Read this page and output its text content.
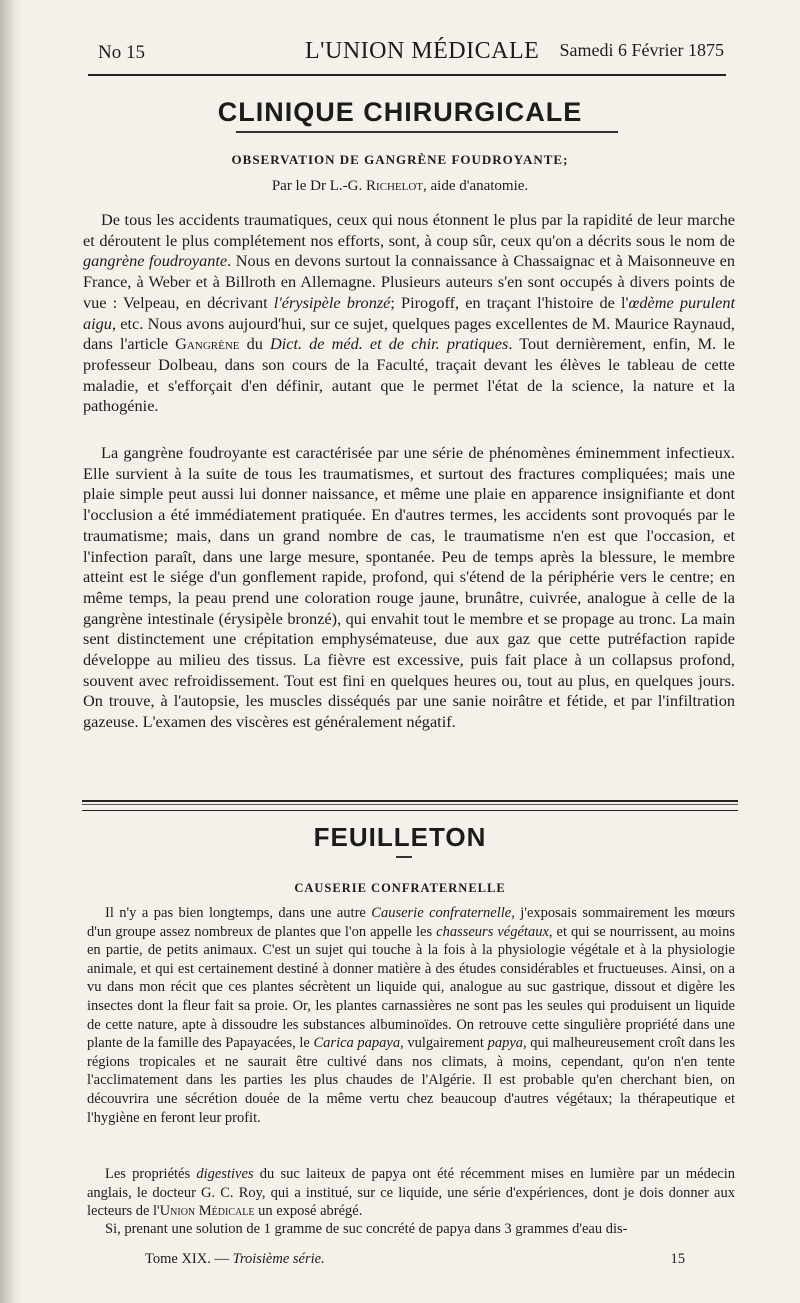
No 15	L'UNION MÉDICALE Samedi 6 Février 1875
CLINIQUE CHIRURGICALE
OBSERVATION DE GANGRÈNE FOUDROYANTE;
Par le Dr L.-G. Richelot, aide d'anatomie.

De tous les accidents traumatiques, ceux qui nous étonnent le plus par la rapidité de leur marche et déroutent le plus complétement nos efforts, sont, à coup sûr, ceux qu'on a décrits sous le nom de gangrène foudroyante. Nous en devons surtout la connaissance à Chassaignac et à Maisonneuve en France, à Weber et à Billroth en Allemagne. Plusieurs auteurs s'en sont occupés à divers points de vue : Velpeau, en décrivant l'érysipèle bronzé; Pirogoff, en traçant l'histoire de l'œdème purulent aigu, etc. Nous avons aujourd'hui, sur ce sujet, quelques pages excellentes de M. Maurice Raynaud, dans l'article Gangrène du Dict. de méd. et de chir. pratiques. Tout dernièrement, enfin, M. le professeur Dolbeau, dans son cours de la Faculté, traçait devant les élèves le tableau de cette maladie, et s'efforçait d'en définir, autant que le permet l'état de la science, la nature et la pathogénie.

La gangrène foudroyante est caractérisée par une série de phénomènes éminemment infectieux. Elle survient à la suite de tous les traumatismes, et surtout des fractures compliquées; mais une plaie simple peut aussi lui donner naissance, et même une plaie en apparence insignifiante et dont l'occlusion a été immédiatement pratiquée. En d'autres termes, les accidents sont provoqués par le traumatisme; mais, dans un grand nombre de cas, le traumatisme n'en est que l'occasion, et l'infection paraît, dans une large mesure, spontanée. Peu de temps après la blessure, le membre atteint est le siége d'un gonflement rapide, profond, qui s'étend de la périphérie vers le centre; en même temps, la peau prend une coloration rouge jaune, brunâtre, cuivrée, analogue à celle de la gangrène intestinale (érysipèle bronzé), qui envahit tout le membre et se propage au tronc. La main sent distinctement une crépitation emphysémateuse, due aux gaz que cette putréfaction rapide développe au milieu des tissus. La fièvre est excessive, puis fait place à un collapsus profond, souvent avec refroidissement. Tout est fini en quelques heures ou, tout au plus, en quelques jours. On trouve, à l'autopsie, les muscles disséqués par une sanie noirâtre et fétide, et par l'infiltration gazeuse. L'examen des viscères est généralement négatif.

FEUILLETON
CAUSERIE CONFRATERNELLE

Il n'y a pas bien longtemps, dans une autre Causerie confraternelle, j'exposais sommairement les mœurs d'un groupe assez nombreux de plantes que l'on appelle les chasseurs végétaux, et qui se nourrissent, au moins en partie, de petits animaux. C'est un sujet qui touche à la fois à la physiologie végétale et à la physiologie animale, et qui est certainement destiné à donner matière à des études considérables et fructueuses. Ainsi, on a vu dans mon récit que ces plantes sécrètent un liquide qui, analogue au suc gastrique, dissout et digère les insectes dont la fleur fait sa proie. Or, les plantes carnassières ne sont pas les seules qui produisent un liquide de cette nature, apte à dissoudre les substances albuminoïdes. On retrouve cette singulière propriété dans une plante de la famille des Papayacées, le Carica papaya, vulgairement papya, qui malheureusement croît dans les régions tropicales et ne saurait être cultivé dans nos climats, à moins, cependant, qu'on n'en tente l'acclimatement dans les parties les plus chaudes de l'Algérie. Il est probable qu'en cherchant bien, on découvrira une sécrétion douée de la même vertu chez beaucoup d'autres végétaux; la thérapeutique et l'hygiène en feront leur profit.

Les propriétés digestives du suc laiteux de papya ont été récemment mises en lumière par un médecin anglais, le docteur G. C. Roy, qui a institué, sur ce liquide, une série d'expériences, dont je dois donner aux lecteurs de l'Union Médicale un exposé abrégé.

Si, prenant une solution de 1 gramme de suc concrété de papya dans 3 grammes d'eau dis-

Tome XIX. — Troisième série.	15
